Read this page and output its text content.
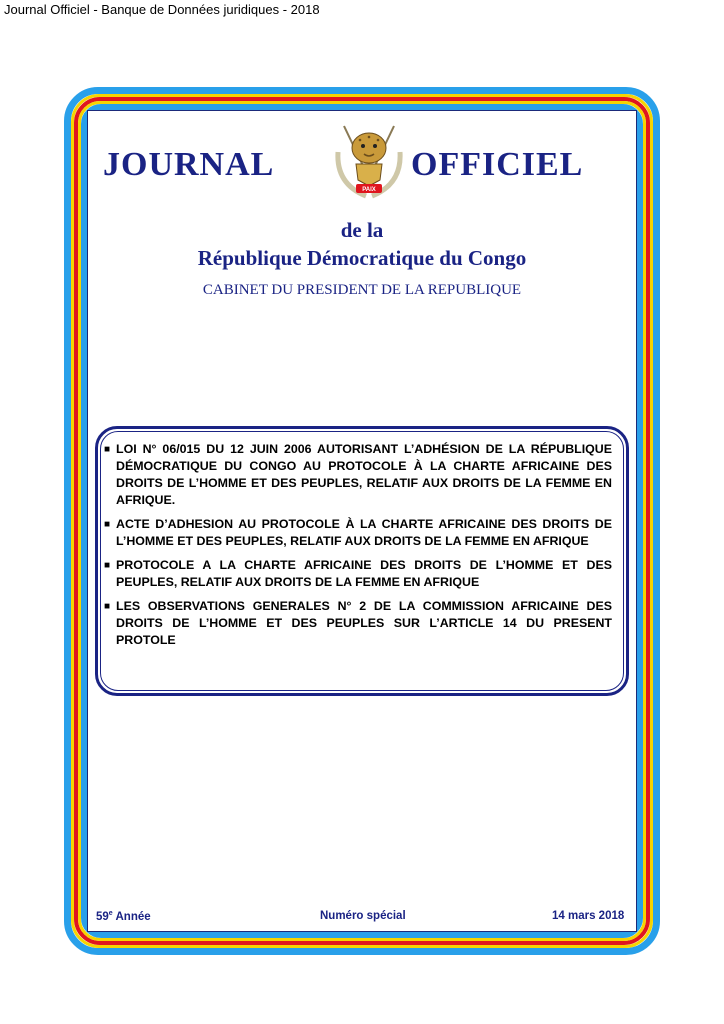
Journal Officiel - Banque de Données juridiques - 2018
JOURNAL
PAIX
OFFICIEL
de la
République Démocratique du Congo
CABINET DU PRESIDENT DE LA REPUBLIQUE
■ LOI N° 06/015 DU 12 JUIN 2006 AUTORISANT L’ADHÉSION DE LA RÉPUBLIQUE DÉMOCRATIQUE DU CONGO AU PROTOCOLE À LA CHARTE AFRICAINE DES DROITS DE L’HOMME ET DES PEUPLES, RELATIF AUX DROITS DE LA FEMME EN AFRIQUE.
■ ACTE D’ADHESION AU PROTOCOLE À LA CHARTE AFRICAINE DES DROITS DE L’HOMME ET DES PEUPLES, RELATIF AUX DROITS DE LA FEMME EN AFRIQUE
■ PROTOCOLE A LA CHARTE AFRICAINE DES DROITS DE L’HOMME ET DES PEUPLES, RELATIF AUX DROITS DE LA FEMME EN AFRIQUE
■ LES OBSERVATIONS GENERALES N° 2 DE LA COMMISSION AFRICAINE DES DROITS DE L’HOMME ET DES PEUPLES SUR L’ARTICLE 14 DU PRESENT PROTOLE
59e Année	Numéro spécial	14 mars 2018
